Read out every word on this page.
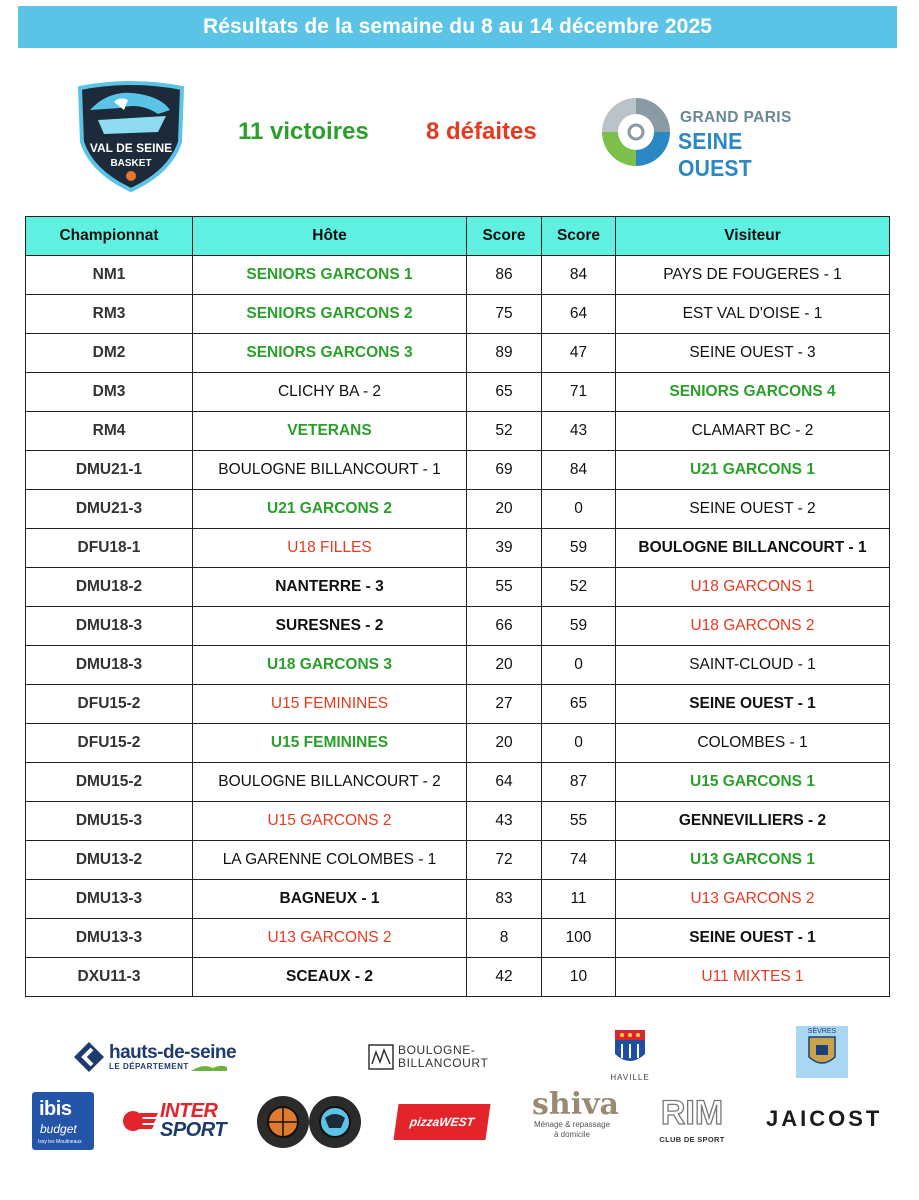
Résultats de la semaine du 8 au 14 décembre 2025
VAL DE SEINE
BASKET
11 victoires 8 défaites
GRAND PARIS
SEINE OUEST
Championnat	Hôte	Score	Score	Visiteur
NM1	SENIORS GARCONS 1	86	84	PAYS DE FOUGERES - 1
RM3	SENIORS GARCONS 2	75	64	EST VAL D'OISE - 1
DM2	SENIORS GARCONS 3	89	47	SEINE OUEST - 3
DM3	CLICHY BA - 2	65	71	SENIORS GARCONS 4
RM4	VETERANS	52	43	CLAMART BC - 2
DMU21-1	BOULOGNE BILLANCOURT - 1	69	84	U21 GARCONS 1
DMU21-3	U21 GARCONS 2	20	0	SEINE OUEST - 2
DFU18-1	U18 FILLES	39	59	BOULOGNE BILLANCOURT - 1
DMU18-2	NANTERRE - 3	55	52	U18 GARCONS 1
DMU18-3	SURESNES - 2	66	59	U18 GARCONS 2
DMU18-3	U18 GARCONS 3	20	0	SAINT-CLOUD - 1
DFU15-2	U15 FEMININES	27	65	SEINE OUEST - 1
DFU15-2	U15 FEMININES	20	0	COLOMBES - 1
DMU15-2	BOULOGNE BILLANCOURT - 2	64	87	U15 GARCONS 1
DMU15-3	U15 GARCONS 2	43	55	GENNEVILLIERS - 2
DMU13-2	LA GARENNE COLOMBES - 1	72	74	U13 GARCONS 1
DMU13-3	BAGNEUX - 1	83	11	U13 GARCONS 2
DMU13-3	U13 GARCONS 2	8	100	SEINE OUEST - 1
DXU11-3	SCEAUX - 2	42	10	U11 MIXTES 1
hauts-de-seine
LE DÉPARTEMENT
BOULOGNE-
BILLANCOURT
HAVILLE
SÈVRES
ibis
budget
Issy les Moulineaux
INTER
SPORT	pizzaWEST shiva
Ménage & repassage
à domicile
RIM
CLUB DE SPORT
JAICOST
